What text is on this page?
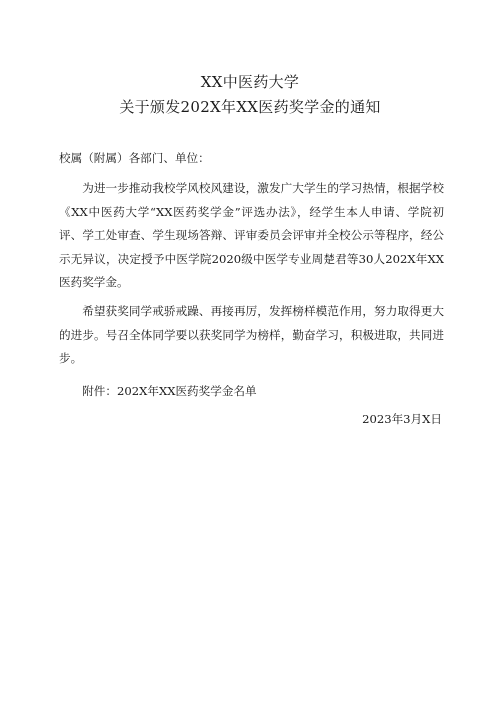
XX中医药大学
关于颁发202X年XX医药奖学金的通知
校属（附属）各部门、单位：
为进一步推动我校学风校风建设，激发广大学生的学习热情，根据学校《XX中医药大学“XX医药奖学金”评选办法》，经学生本人申请、学院初评、学工处审查、学生现场答辩、评审委员会评审并全校公示等程序，经公示无异议，决定授予中医学院2020级中医学专业周楚君等30人202X年XX医药奖学金。
希望获奖同学戒骄戒躁、再接再厉，发挥榜样模范作用，努力取得更大的进步。号召全体同学要以获奖同学为榜样，勤奋学习，积极进取，共同进步。
附件：202X年XX医药奖学金名单
2023年3月X日
